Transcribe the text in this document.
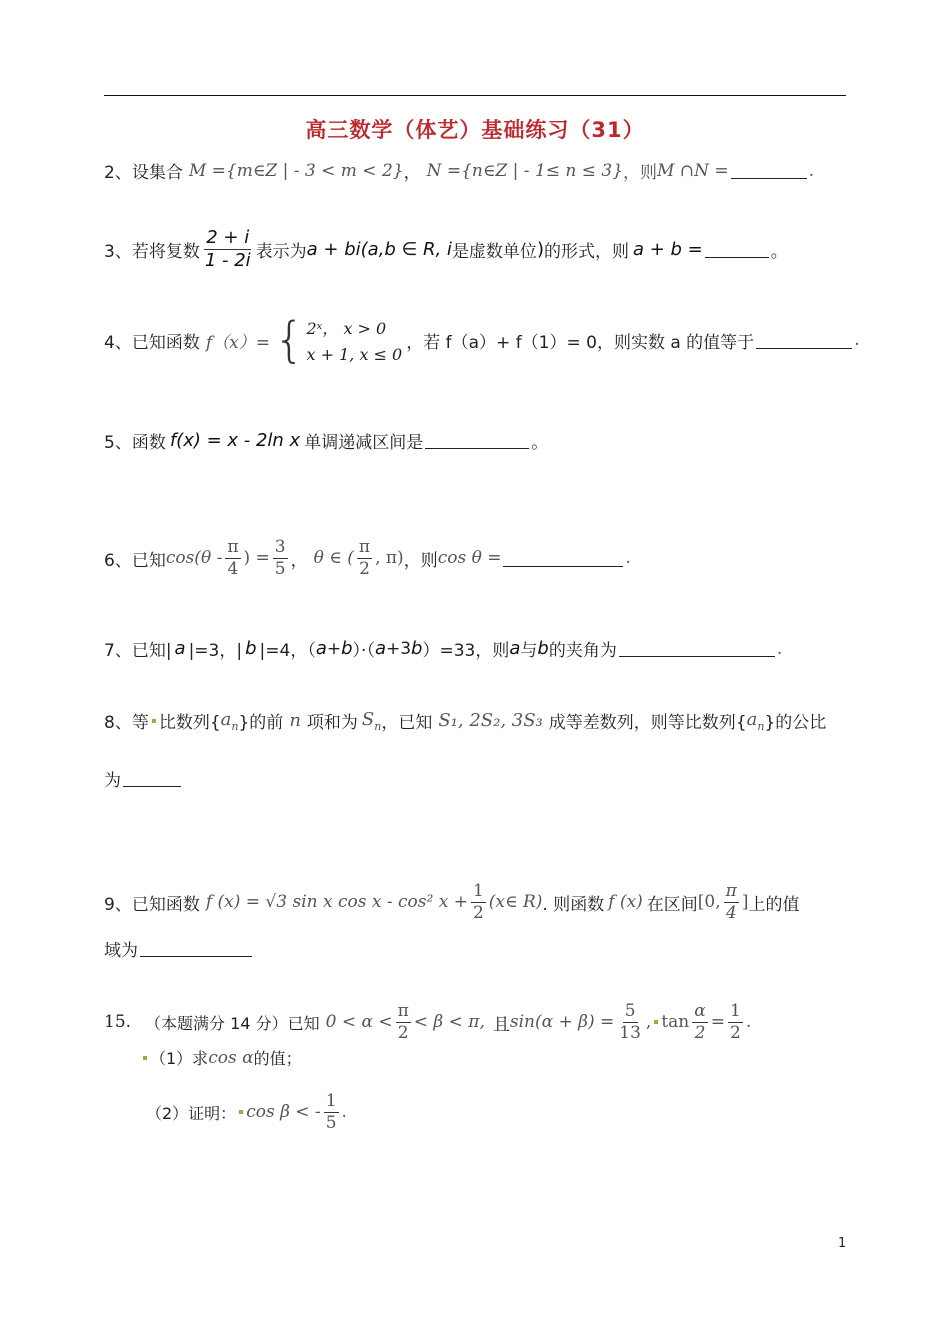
高三数学（体艺）基础练习（31）
2、设集合 M ={m∈Z | - 3 < m < 2} ， N ={n∈Z | - 1≤ n ≤ 3} ，则 M ∩N =	.
3、若将复数 $\frac{2 + i}{1 - 2i}$ 表示为 a + bi(a,b ∈ R, i 是虚数单位 ) 的形式，则 a + b =	。
4、已知函数 f（x）= { 2ˣ， x > 0
x + 1, x ≤ 0
，若 f（a）+ f（1）= 0，则实数 a 的值等于	.
5、函数 f(x) = x - 2ln x 单调递减区间是	。
6、已知 $\cos(\theta - \frac{\pi}{4}$ ) = $\frac{3}{5}$ ， θ ∈ ( $\frac{\pi}{2}$ , π) ，则 cos θ =	.
7、已知| a |=3，| b |=4，（ a + b ）·（ a +3 b ）=33，则 a 与 b 的夹角为	.
8、等 比数列{ $a_n$ }的前 n 项和为 $S_n$ ，已知 S₁, 2S₂, 3S₃ 成等差数列，则等比数列{ $a_n$ }的公比
为
9、已知函数 f (x) = √3 sin x cos x - cos² $x + \frac{1}{2}$ (x∈ R) . 则函数 f (x) 在区间 [0, $\frac{\pi}{4}$ ] 上的值
域为
15. （本题满分 14 分）已知 $0 < \alpha < \frac{\pi}{2} < \beta < \pi$, 且 $\sin(\alpha + \beta) = \frac{5}{13}$ , $\tan \frac{\alpha}{2} = \frac{1}{2}$ .
（1）求 cos α 的值；
（2）证明： cos β < - $\frac{1}{5}$ .
1
